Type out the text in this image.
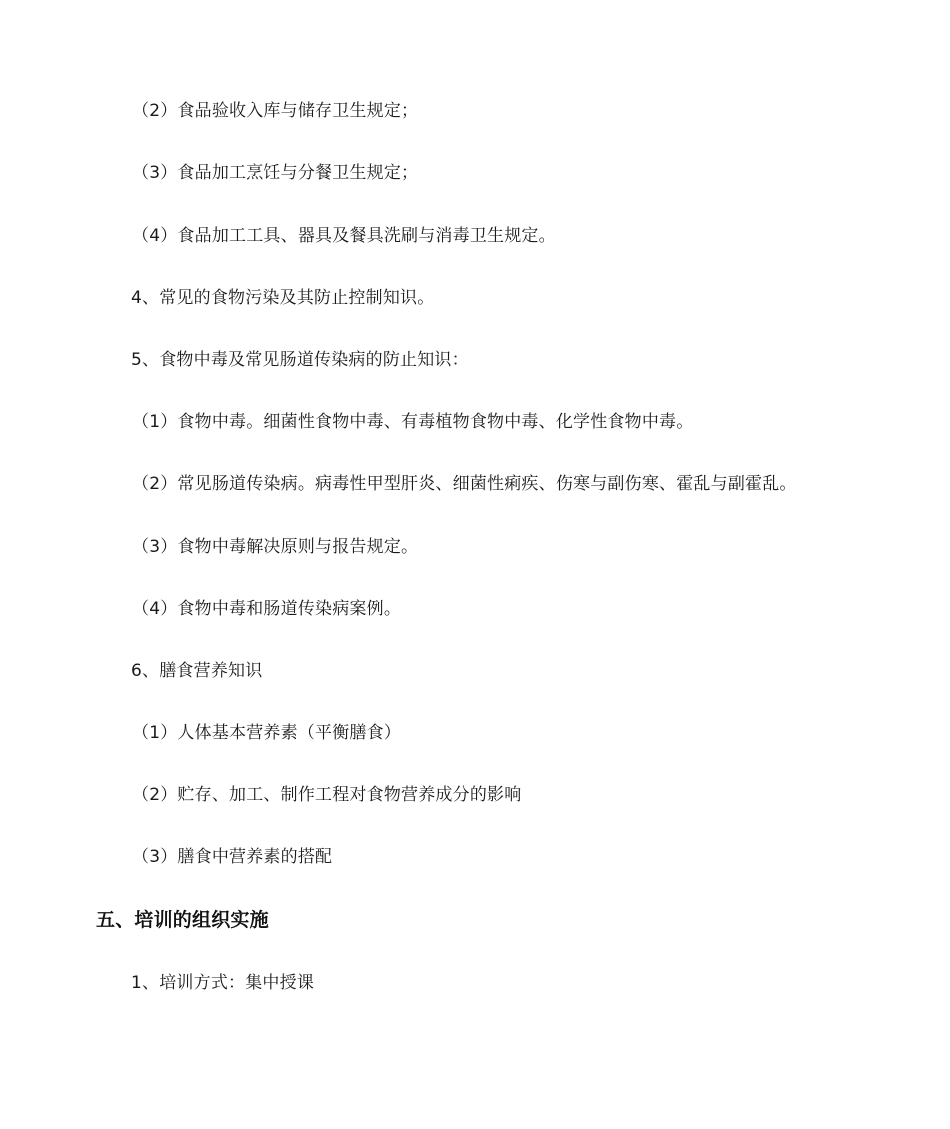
（2）食品验收入库与储存卫生规定；
（3）食品加工烹饪与分餐卫生规定；
（4）食品加工工具、器具及餐具洗刷与消毒卫生规定。
4、常见的食物污染及其防止控制知识。
5、食物中毒及常见肠道传染病的防止知识：
（1）食物中毒。细菌性食物中毒、有毒植物食物中毒、化学性食物中毒。
（2）常见肠道传染病。病毒性甲型肝炎、细菌性痢疾、伤寒与副伤寒、霍乱与副霍乱。
（3）食物中毒解决原则与报告规定。
（4）食物中毒和肠道传染病案例。
6、膳食营养知识
（1）人体基本营养素（平衡膳食）
（2）贮存、加工、制作工程对食物营养成分的影响
（3）膳食中营养素的搭配
五、培训的组织实施
1、培训方式：集中授课
